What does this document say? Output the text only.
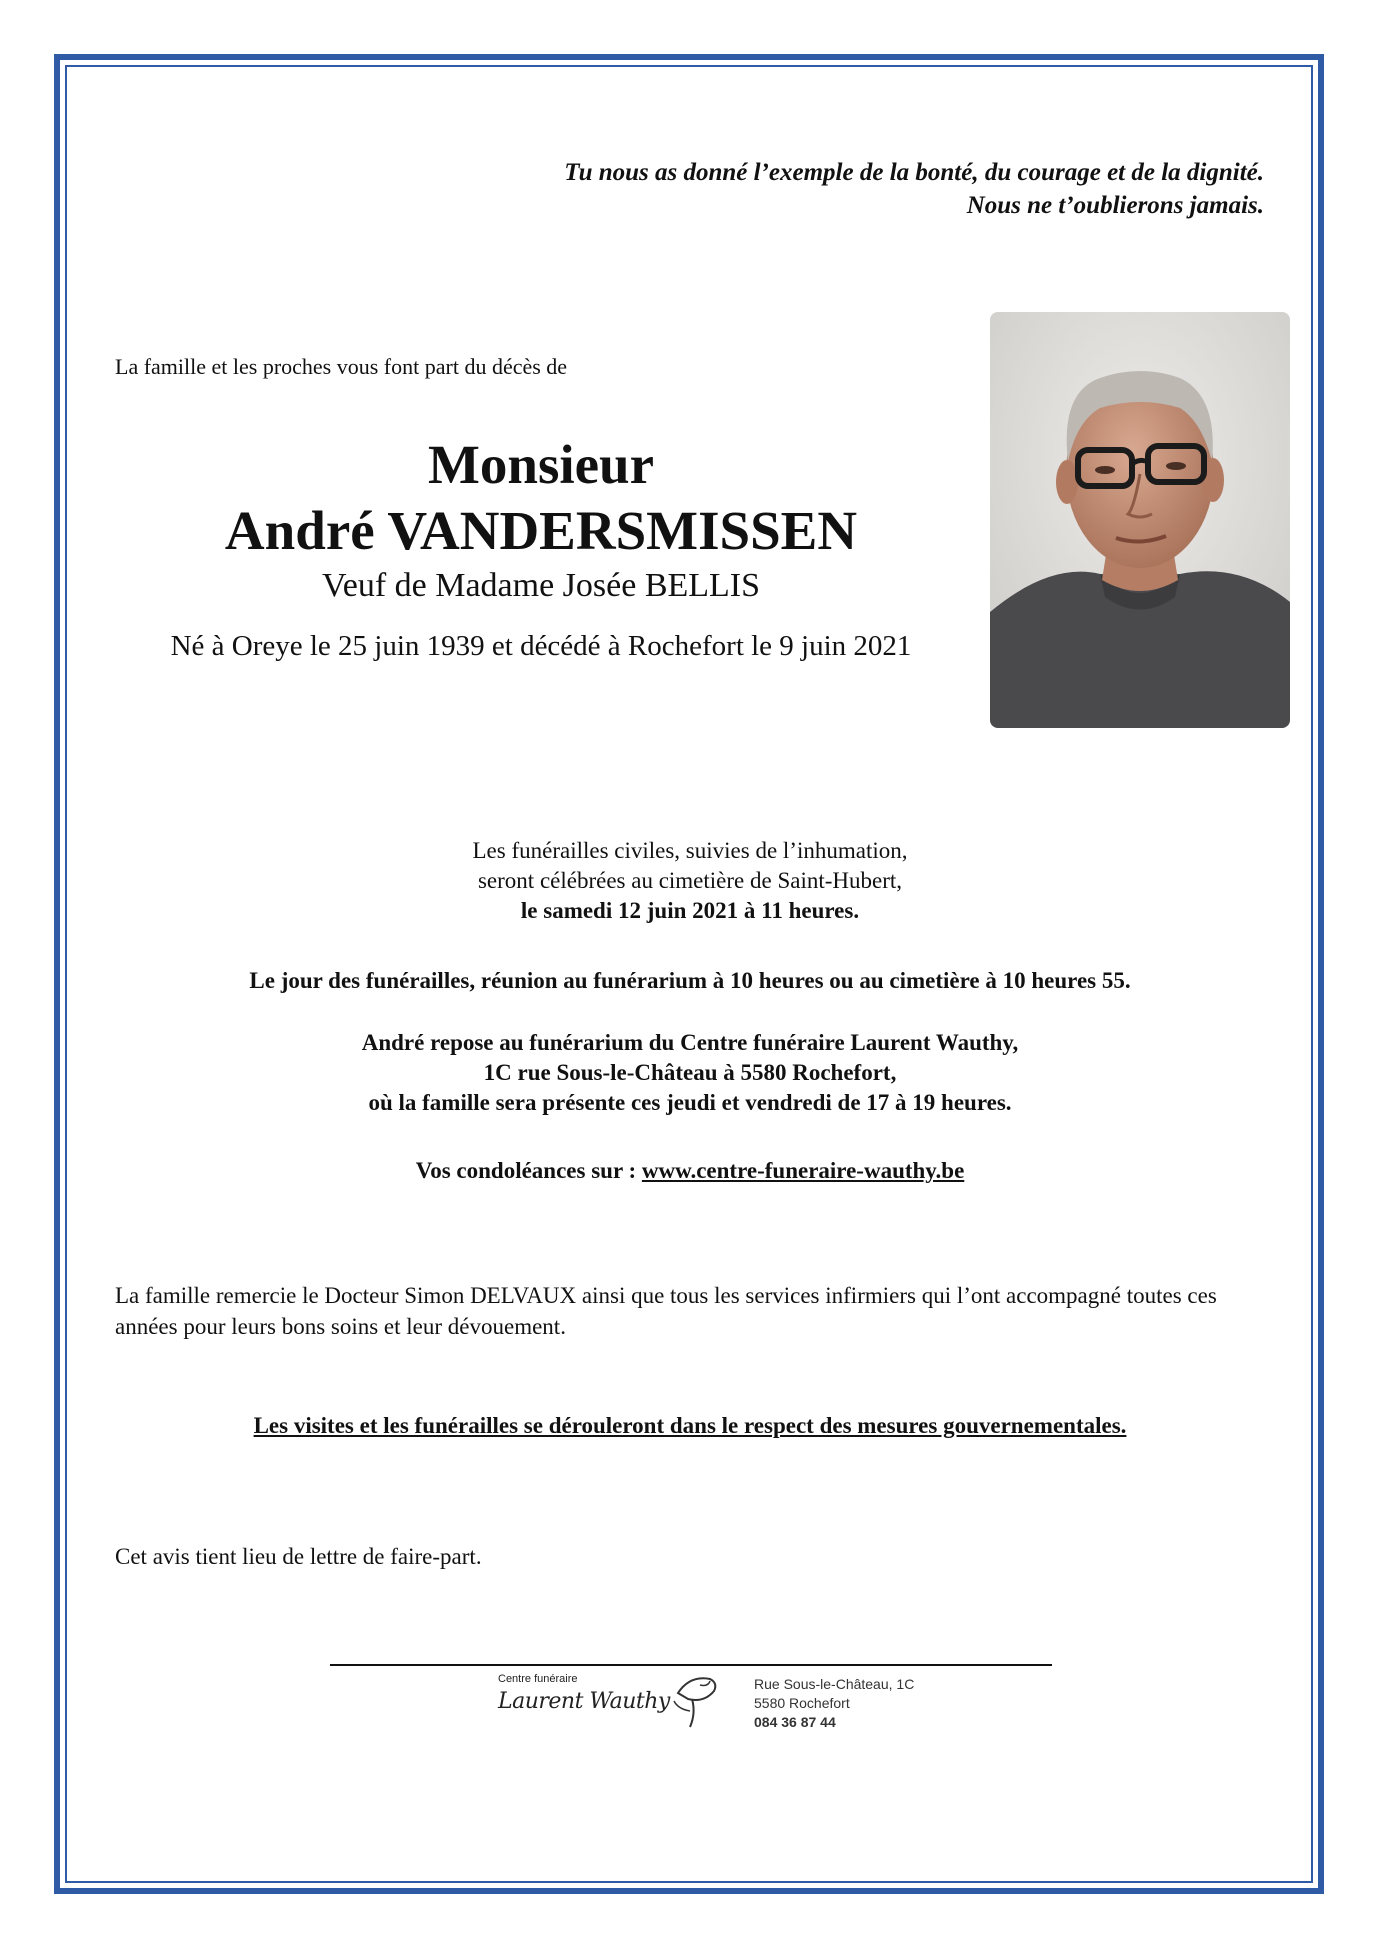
Tu nous as donné l’exemple de la bonté, du courage et de la dignité.
Nous ne t’oublierons jamais.
La famille et les proches vous font part du décès de
Monsieur
André VANDERSMISSEN
Veuf de Madame Josée BELLIS
Né à Oreye le 25 juin 1939 et décédé à Rochefort le 9 juin 2021
Les funérailles civiles, suivies de l’inhumation,
seront célébrées au cimetière de Saint-Hubert,
le samedi 12 juin 2021 à 11 heures.
Le jour des funérailles, réunion au funérarium à 10 heures ou au cimetière à 10 heures 55.
André repose au funérarium du Centre funéraire Laurent Wauthy,
1C rue Sous-le-Château à 5580 Rochefort,
où la famille sera présente ces jeudi et vendredi de 17 à 19 heures.
Vos condoléances sur : www.centre-funeraire-wauthy.be
La famille remercie le Docteur Simon DELVAUX ainsi que tous les services infirmiers qui l’ont accompagné toutes ces années pour leurs bons soins et leur dévouement.
Les visites et les funérailles se dérouleront dans le respect des mesures gouvernementales.
Cet avis tient lieu de lettre de faire-part.
Centre funéraire
Laurent Wauthy
Rue Sous-le-Château, 1C
5580 Rochefort
084 36 87 44
